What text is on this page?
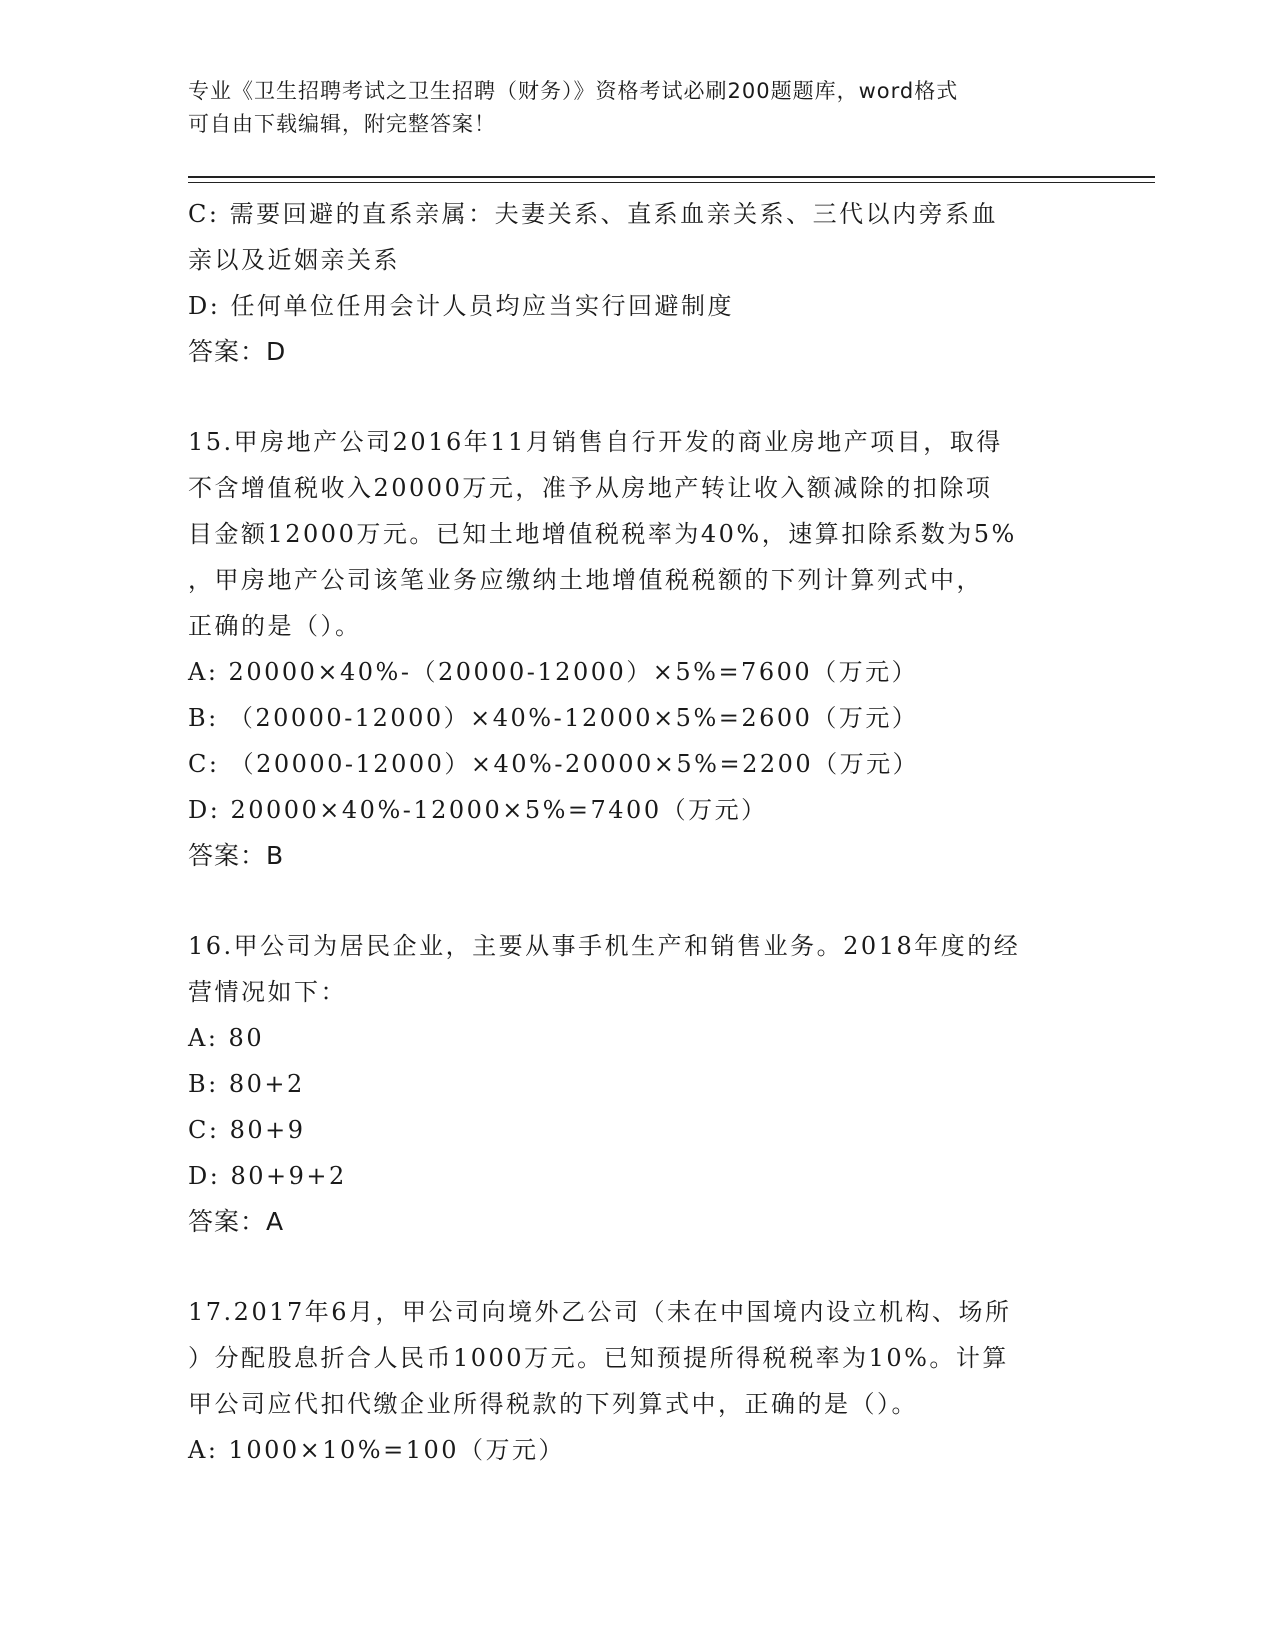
专业《卫生招聘考试之卫生招聘（财务）》资格考试必刷200题题库，word格式
可自由下载编辑，附完整答案！
C: 需要回避的直系亲属：夫妻关系、直系血亲关系、三代以内旁系血
亲以及近姻亲关系
D: 任何单位任用会计人员均应当实行回避制度
答案：D
15.甲房地产公司2016年11月销售自行开发的商业房地产项目，取得
不含增值税收入20000万元，准予从房地产转让收入额减除的扣除项
目金额12000万元。已知土地增值税税率为40%，速算扣除系数为5%
，甲房地产公司该笔业务应缴纳土地增值税税额的下列计算列式中，
正确的是（）。
A: 20000×40%-（20000-12000）×5%=7600（万元）
B: （20000-12000）×40%-12000×5%=2600（万元）
C: （20000-12000）×40%-20000×5%=2200（万元）
D: 20000×40%-12000×5%=7400（万元）
答案：B
16.甲公司为居民企业，主要从事手机生产和销售业务。2018年度的经
营情况如下：
A: 80
B: 80+2
C: 80+9
D: 80+9+2
答案：A
17.2017年6月，甲公司向境外乙公司（未在中国境内设立机构、场所
）分配股息折合人民币1000万元。已知预提所得税税率为10%。计算
甲公司应代扣代缴企业所得税款的下列算式中，正确的是（）。
A: 1000×10%=100（万元）
